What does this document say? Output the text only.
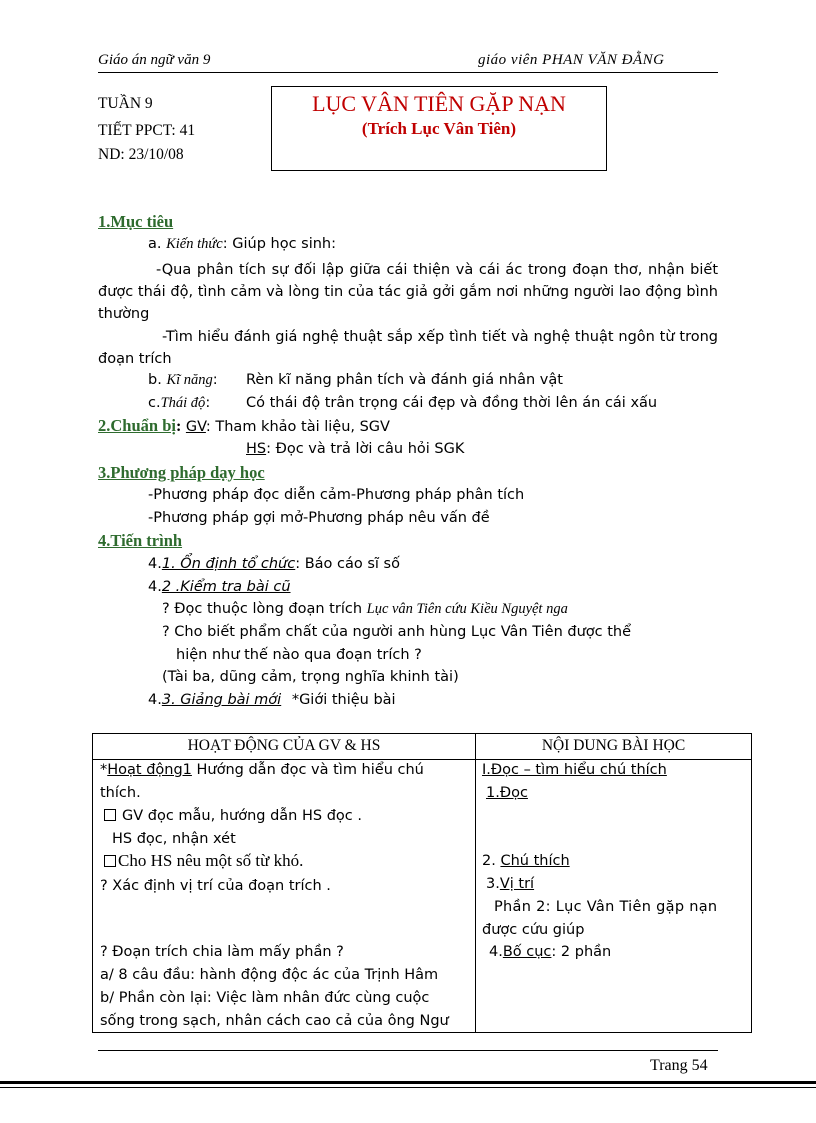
Giáo án ngữ văn 9	giáo viên PHAN VĂN ĐẰNG
TUẦN 9
TIẾT PPCT: 41
ND: 23/10/08
LỤC VÂN TIÊN GẶP NẠN
(Trích Lục Vân Tiên)
1.Mục tiêu
a. Kiến thức: Giúp học sinh:
-Qua phân tích sự đối lập giữa cái thiện và cái ác trong đoạn thơ, nhận biết được thái độ, tình cảm và lòng tin của tác giả gởi gắm nơi những người lao động bình thường
-Tìm hiểu đánh giá nghệ thuật sắp xếp tình tiết và nghệ thuật ngôn từ trong đoạn trích
b. Kĩ năng: Rèn kĩ năng phân tích và đánh giá nhân vật
c.Thái độ: Có thái độ trân trọng cái đẹp và đồng thời lên án cái xấu
2.Chuẩn bị: GV: Tham khảo tài liệu, SGV
HS: Đọc và trả lời câu hỏi SGK
3.Phương pháp dạy học
-Phương pháp đọc diễn cảm-Phương pháp phân tích
-Phương pháp gợi mở-Phương pháp nêu vấn đề
4.Tiến trình
4.1. Ổn định tổ chức: Báo cáo sĩ số
4.2 .Kiểm tra bài cũ
? Đọc thuộc lòng đoạn trích Lục vân Tiên cứu Kiều Nguyệt nga
? Cho biết phẩm chất của người anh hùng Lục Vân Tiên được thể
hiện như thế nào qua đoạn trích ?
(Tài ba, dũng cảm, trọng nghĩa khinh tài)
4.3. Giảng bài mới *Giới thiệu bài
HOẠT ĐỘNG CỦA GV & HS	NỘI DUNG BÀI HỌC
*Hoạt động1 Hướng dẫn đọc và tìm hiểu chú
thích.
GV đọc mẫu, hướng dẫn HS đọc .
HS đọc, nhận xét
Cho HS nêu một số từ khó.
? Xác định vị trí của đoạn trích .
? Đoạn trích chia làm mấy phần ?
a/ 8 câu đầu: hành động độc ác của Trịnh Hâm
b/ Phần còn lại: Việc làm nhân đức cùng cuộc
sống trong sạch, nhân cách cao cả của ông Ngư
I.Đọc – tìm hiểu chú thích
1.Đọc
2. Chú thích
3.Vị trí
Phần 2: Lục Vân Tiên gặp nạn
được cứu giúp
4.Bố cục: 2 phần
Trang 54
